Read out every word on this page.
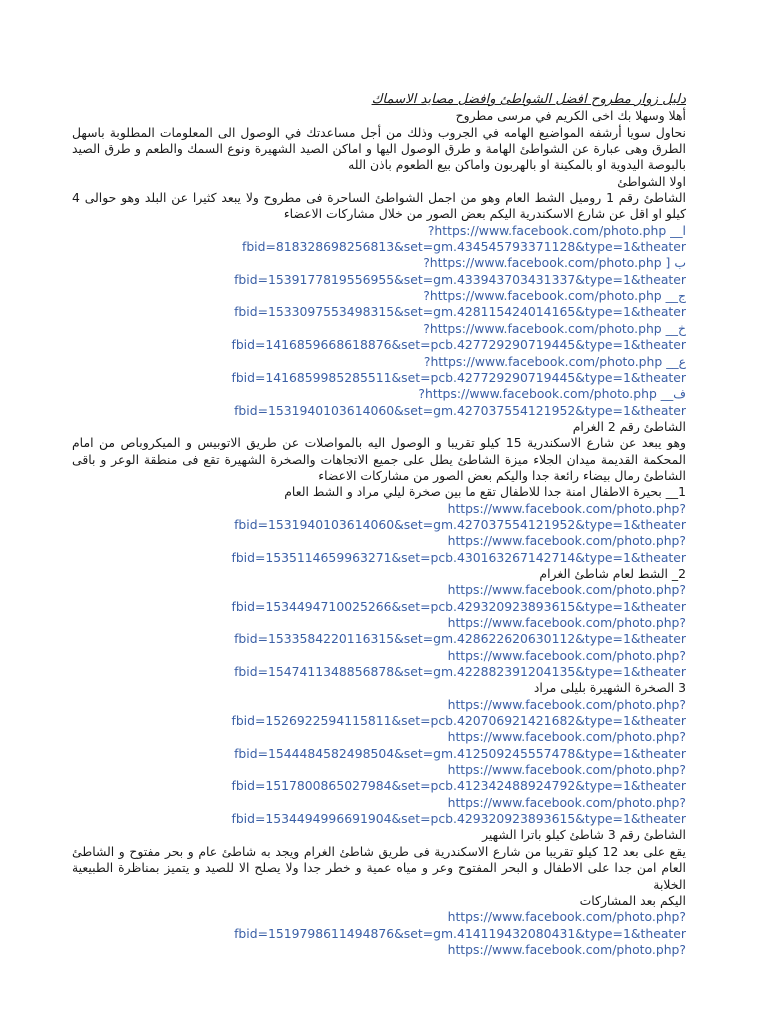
دليل زوار مطروح افضل الشواطئ وافضل مصايد الاسماك
أهلا وسهلا بك اخى الكريم في مرسى مطروح
نحاول سويا أرشفه المواضيع الهامه في الجروب وذلك من أجل مساعدتك في الوصول الى المعلومات المطلوبة باسهل الطرق وهى عبارة عن الشواطئ الهامة و طرق الوصول اليها و اماكن الصيد الشهيرة ونوع السمك والطعم و طرق الصيد بالبوصة اليدوية او بالمكينة او بالهربون واماكن بيع الطعوم باذن الله
اولا الشواطئ
الشاطئ رقم 1 روميل الشط العام وهو من اجمل الشواطئ الساحرة فى مطروح ولا يبعد كثيرا عن البلد وهو حوالى 4 كيلو او اقل عن شارع الاسكندرية اليكم بعض الصور من خلال مشاركات الاعضاء
ا__ https://www.facebook.com/photo.php?
fbid=818328698256813&set=gm.434545793371128&type=1&theater
ب [ https://www.facebook.com/photo.php?
fbid=1539177819556955&set=gm.433943703431337&type=1&theater
ج__ https://www.facebook.com/photo.php?
fbid=1533097553498315&set=gm.428115424014165&type=1&theater
خ__ https://www.facebook.com/photo.php?
fbid=1416859668618876&set=pcb.427729290719445&type=1&theater
ع__ https://www.facebook.com/photo.php?
fbid=1416859985285511&set=pcb.427729290719445&type=1&theater
ف__ https://www.facebook.com/photo.php?
fbid=1531940103614060&set=gm.427037554121952&type=1&theater
الشاطئ رقم 2 الغرام
وهو يبعد عن شارع الاسكندرية 15 كيلو تقريبا و الوصول اليه بالمواصلات عن طريق الاتوبيس و الميكروباص من امام المحكمة القديمة ميدان الجلاء ميزة الشاطئ يطل على جميع الاتجاهات والصخرة الشهيرة تقع فى منطقة الوعر و باقى الشاطئ رمال بيضاء رائعة جدا واليكم بعض الصور من مشاركات الاعضاء
1__ بحيرة الاطفال امنة جدا للاطفال تقع ما بين صخرة ليلي مراد و الشط العام
https://www.facebook.com/photo.php?
fbid=1531940103614060&set=gm.427037554121952&type=1&theater
https://www.facebook.com/photo.php?
fbid=1535114659963271&set=pcb.430163267142714&type=1&theater
2_ الشط لعام شاطئ الغرام
https://www.facebook.com/photo.php?
fbid=1534494710025266&set=pcb.429320923893615&type=1&theater
https://www.facebook.com/photo.php?
fbid=1533584220116315&set=gm.428622620630112&type=1&theater
https://www.facebook.com/photo.php?
fbid=1547411348856878&set=gm.422882391204135&type=1&theater
3 الصخرة الشهيرة بليلى مراد
https://www.facebook.com/photo.php?
fbid=1526922594115811&set=pcb.420706921421682&type=1&theater
https://www.facebook.com/photo.php?
fbid=1544484582498504&set=gm.412509245557478&type=1&theater
https://www.facebook.com/photo.php?
fbid=1517800865027984&set=pcb.412342488924792&type=1&theater
https://www.facebook.com/photo.php?
fbid=1534494996691904&set=pcb.429320923893615&type=1&theater
الشاطئ رقم 3 شاطئ كيلو باترا الشهير
يقع على بعد 12 كيلو تقريبا من شارع الاسكندرية فى طريق شاطئ الغرام ويجد به شاطئ عام و بحر مفتوح و الشاطئ العام امن جدا على الاطفال و البحر المفتوح وعر و مياه عمية و خطر جدا ولا يصلح الا للصيد و يتميز بمناظرة الطبيعية الخلابة
اليكم بعد المشاركات
https://www.facebook.com/photo.php?
fbid=1519798611494876&set=gm.414119432080431&type=1&theater
https://www.facebook.com/photo.php?
